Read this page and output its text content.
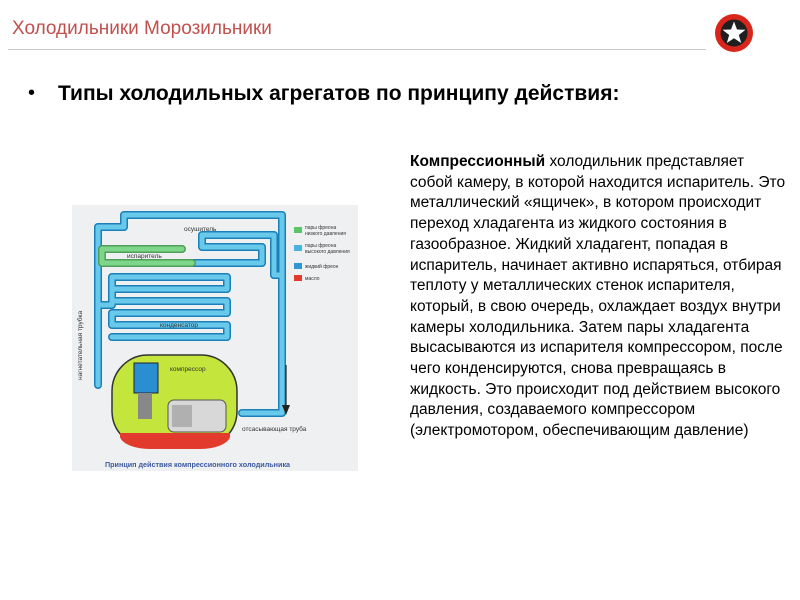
Холодильники Морозильники
• Типы холодильных агрегатов по принципу действия:
Компрессионный холодильник представляет собой камеру, в которой находится испаритель. Это металлический «ящичек», в котором происходит переход хладагента из жидкого состояния в газообразное. Жидкий хладагент, попадая в испаритель, начинает активно испаряться, отбирая теплоту у металлических стенок испарителя, который, в свою очередь, охлаждает воздух внутри камеры холодильника. Затем пары хладагента высасываются из испарителя компрессором, после чего конденсируются, снова превращаясь в жидкость. Это происходит под действием высокого давления, создаваемого компрессором (электромотором, обеспечивающим давление)
осушитель
испаритель
конденсатор
компрессор
отсасывающая труба
нагнетательная трубка
пары фреона низкого давления
пары фреона высокого давления
жидкий фреон
масло
Принцип действия компрессионного холодильника
